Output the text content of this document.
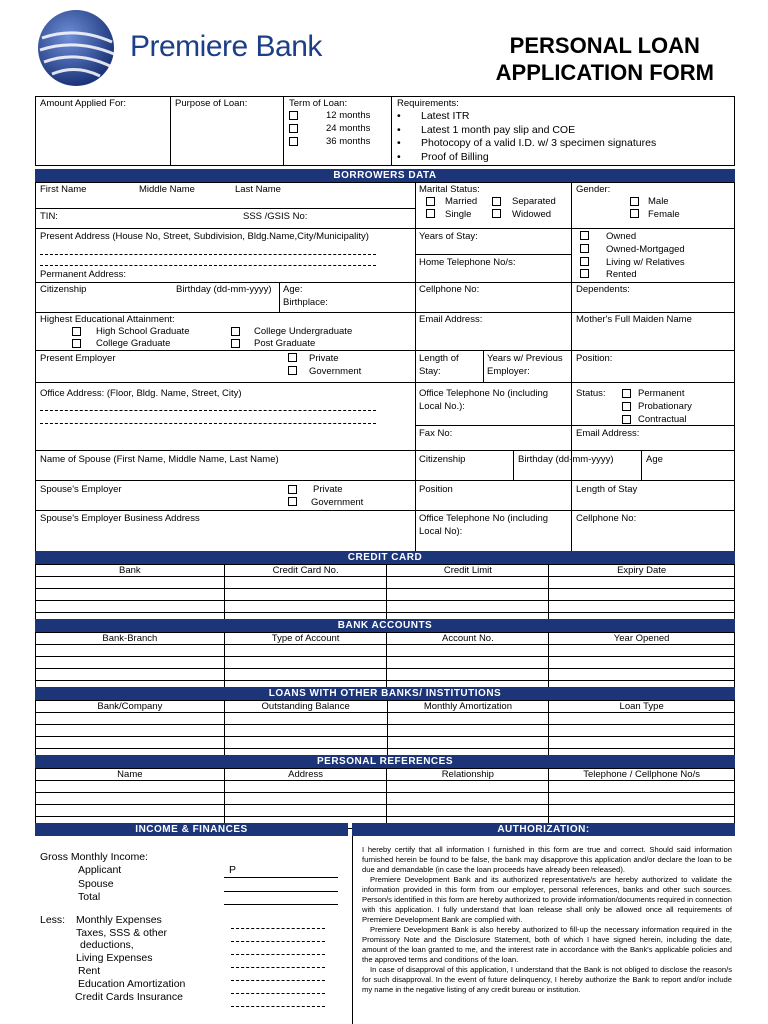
Premiere Bank	PERSONAL LOAN
APPLICATION FORM
Amount Applied For:	Purpose of Loan:	Term of Loan:
12 months
24 months
36 months
Requirements:
• Latest ITR
• Latest 1 month pay slip and COE
• Photocopy of a valid I.D. w/ 3 specimen signatures
• Proof of Billing
BORROWERS DATA
First Name	Middle Name	Last Name	Marital Status:
Married	Separated
Single	Widowed
Gender:
Male
Female
TIN:	SSS /GSIS No:
Present Address (House No, Street, Subdivision, Bldg.Name,City/Municipality)
Permanent Address:
Years of Stay:
Home Telephone No/s:
Owned
Owned-Mortgaged
Living w/ Relatives
Rented
Citizenship	Birthday (dd-mm-yyyy) Age:
Birthplace:
Cellphone No:	Dependents:
Highest Educational Attainment:
High School Graduate	College Undergraduate
College Graduate	Post Graduate
Email Address:	Mother's Full Maiden Name
Present Employer	Private
Government
Length of
Stay:
Years w/ Previous
Employer:
Position:
Office Address: (Floor, Bldg. Name, Street, City)	Office Telephone No (including
Local No.):
Status:	Permanent
Probationary
Contractual
Fax No:	Email Address:
Name of Spouse (First Name, Middle Name, Last Name)	Citizenship	Birthday (dd-mm-yyyy)	Age
Spouse's Employer	Private
Government
Position	Length of Stay
Spouse's Employer Business Address	Office Telephone No (including
Local No):
Cellphone No:
CREDIT CARD
Bank	Credit Card No.	Credit Limit	Expiry Date

BANK ACCOUNTS
Bank-Branch	Type of Account	Account No.	Year Opened

LOANS WITH OTHER BANKS/ INSTITUTIONS
Bank/Company	Outstanding Balance	Monthly Amortization	Loan Type

PERSONAL REFERENCES
Name	Address	Relationship	Telephone / Cellphone No/s

INCOME & FINANCES	AUTHORIZATION:
Gross Monthly Income:
Applicant	P
Spouse
Total
Less: Monthly Expenses
Taxes, SSS & other
deductions,
Living Expenses
Rent
Education Amortization
Credit Cards Insurance

I hereby certify that all information I furnished in this form are true and correct. Should said information furnished herein be found to be false, the bank may disapprove this application and/or declare the loan to be due and demandable (in case the loan proceeds have already been released).

Premiere Development Bank and its authorized representative/s are hereby authorized to validate the information provided in this form from our employer, personal references, banks and other such sources. Person/s identified in this form are hereby authorized to provide information/documents required in connection with this application. I fully understand that loan release shall only be allowed once all requirements of Premiere Development Bank are complied with.

Premiere Development Bank is also hereby authorized to fill-up the necessary information required in the Promissory Note and the Disclosure Statement, both of which I have signed herein, including the date, amount of the loan granted to me, and the interest rate in accordance with the Bank's applicable policies and the approved terms and conditions of the loan.

In case of disapproval of this application, I understand that the Bank is not obliged to disclose the reason/s for such disapproval. In the event of future delinquency, I hereby authorize the Bank to report and/or include my name in the negative listing of any credit bureau or institution.
